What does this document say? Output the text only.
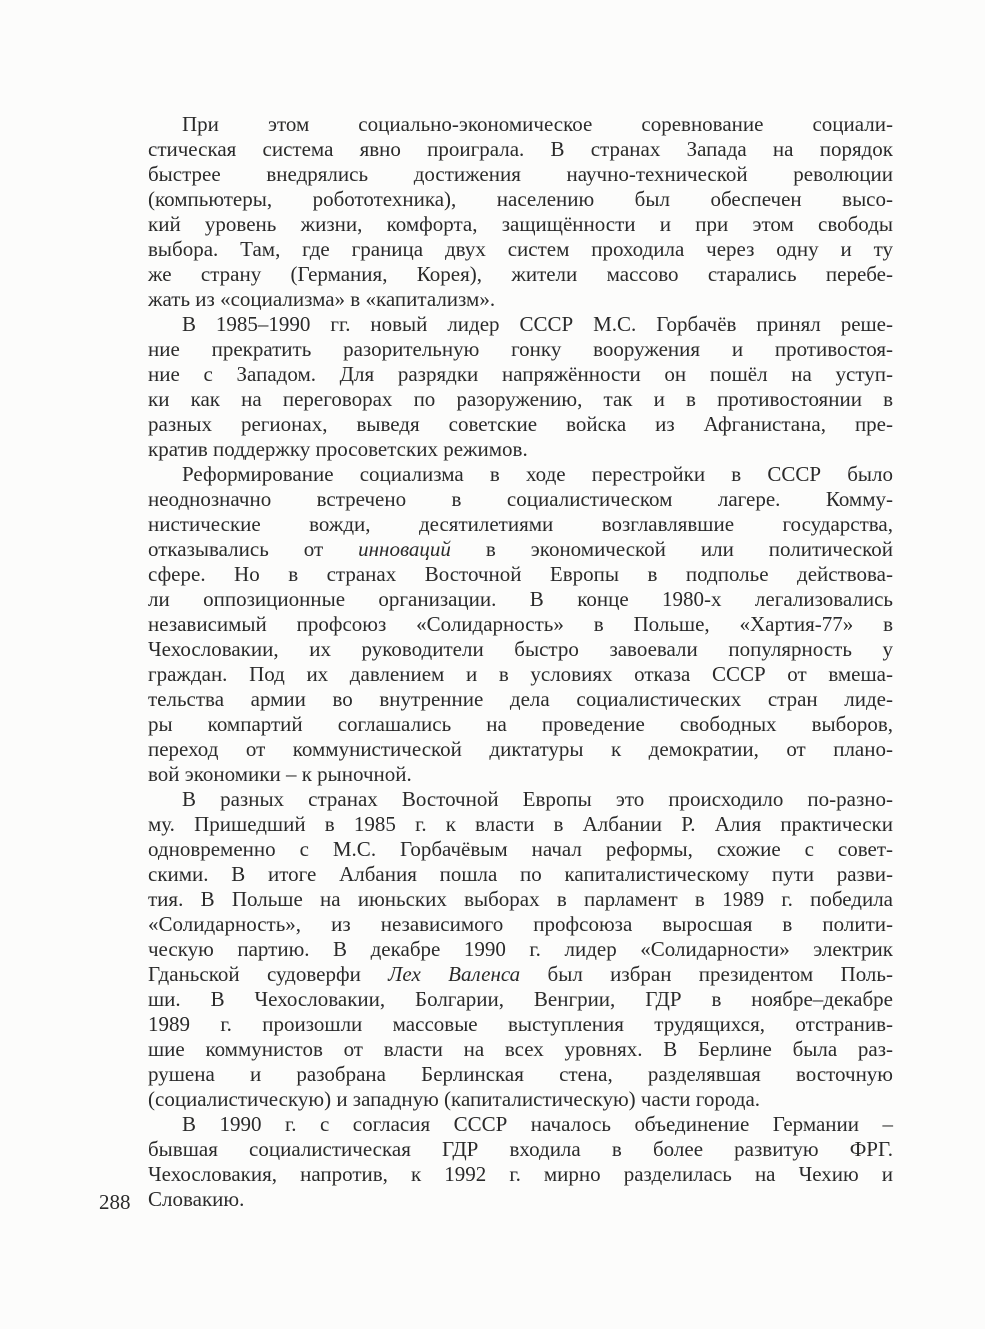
При этом социально-экономическое соревнование социали-
стическая система явно проиграла. В странах Запада на порядок
быстрее внедрялись достижения научно-технической революции
(компьютеры, робототехника), населению был обеспечен высо-
кий уровень жизни, комфорта, защищённости и при этом свободы
выбора. Там, где граница двух систем проходила через одну и ту
же страну (Германия, Корея), жители массово старались перебе-
жать из «социализма» в «капитализм».
В 1985–1990 гг. новый лидер СССР М.С. Горбачёв принял реше-
ние прекратить разорительную гонку вооружения и противостоя-
ние с Западом. Для разрядки напряжённости он пошёл на уступ-
ки как на переговорах по разоружению, так и в противостоянии в
разных регионах, выведя советские войска из Афганистана, пре-
кратив поддержку просоветских режимов.
Реформирование социализма в ходе перестройки в СССР было
неоднозначно встречено в социалистическом лагере. Комму-
нистические вожди, десятилетиями возглавлявшие государства,
отказывались от инноваций в экономической или политической
сфере. Но в странах Восточной Европы в подполье действова-
ли оппозиционные организации. В конце 1980-х легализовались
независимый профсоюз «Солидарность» в Польше, «Хартия-77» в
Чехословакии, их руководители быстро завоевали популярность у
граждан. Под их давлением и в условиях отказа СССР от вмеша-
тельства армии во внутренние дела социалистических стран лиде-
ры компартий соглашались на проведение свободных выборов,
переход от коммунистической диктатуры к демократии, от плано-
вой экономики – к рыночной.
В разных странах Восточной Европы это происходило по-разно-
му. Пришедший в 1985 г. к власти в Албании Р. Алия практически
одновременно с М.С. Горбачёвым начал реформы, схожие с совет-
скими. В итоге Албания пошла по капиталистическому пути разви-
тия. В Польше на июньских выборах в парламент в 1989 г. победила
«Солидарность», из независимого профсоюза выросшая в полити-
ческую партию. В декабре 1990 г. лидер «Солидарности» электрик
Гданьской судоверфи Лех Валенса был избран президентом Поль-
ши. В Чехословакии, Болгарии, Венгрии, ГДР в ноябре–декабре
1989 г. произошли массовые выступления трудящихся, отстранив-
шие коммунистов от власти на всех уровнях. В Берлине была раз-
рушена и разобрана Берлинская стена, разделявшая восточную
(социалистическую) и западную (капиталистическую) части города.
В 1990 г. с согласия СССР началось объединение Германии –
бывшая социалистическая ГДР входила в более развитую ФРГ.
Чехословакия, напротив, к 1992 г. мирно разделилась на Чехию и
Словакию.
288
